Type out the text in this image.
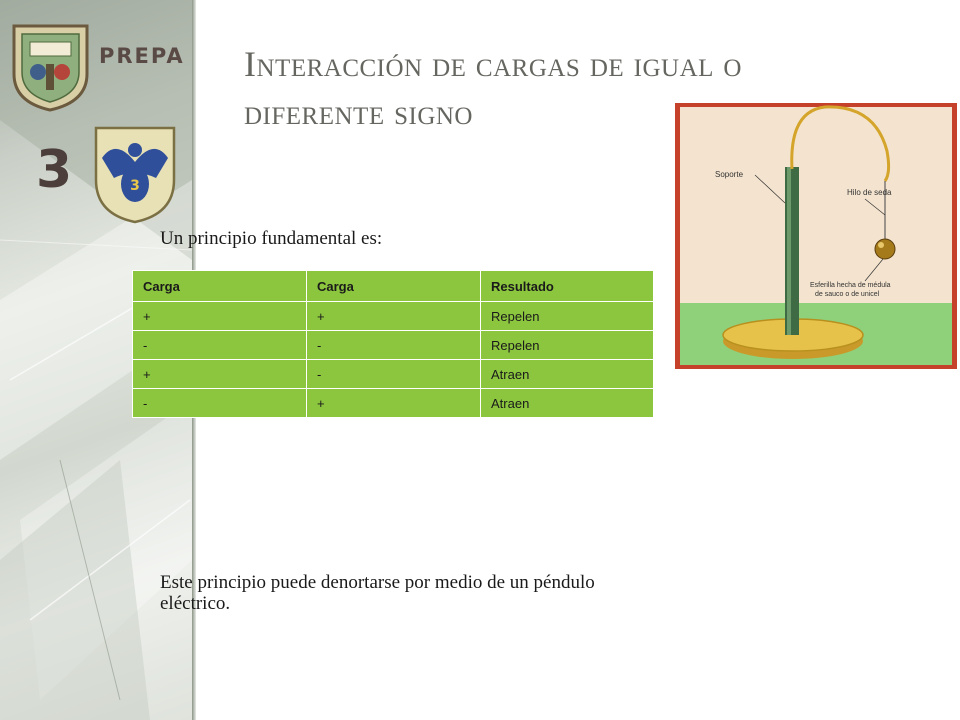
PREPA
3	3
Interacción de cargas de igual o diferente signo
Un principio fundamental es:
Carga	Carga	Resultado
+	+	Repelen
-	-	Repelen
+	-	Atraen
-	+	Atraen
Soporte
Hilo de seda
Esferilla hecha de médula
de sauco o de unicel
Este principio puede denortarse por medio de un péndulo eléctrico.
